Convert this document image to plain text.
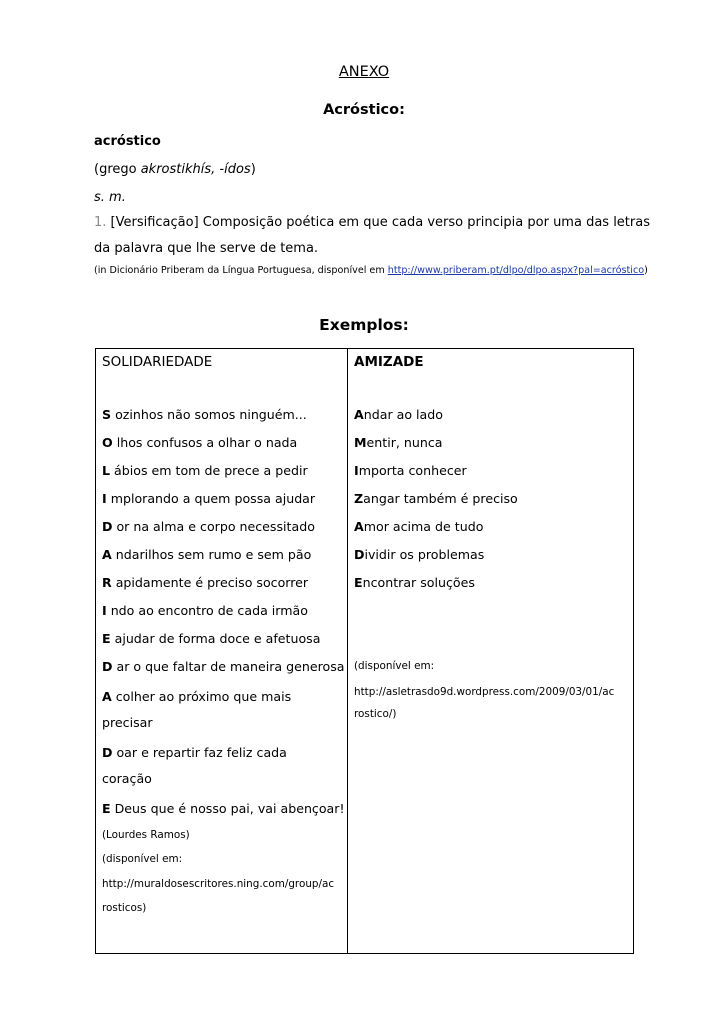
ANEXO
Acróstico:
acróstico
(grego akrostikhís, -ídos)
s. m.
1. [Versificação] Composição poética em que cada verso principia por uma das letras
da palavra que lhe serve de tema.
(in Dicionário Priberam da Língua Portuguesa, disponível em http://www.priberam.pt/dlpo/dlpo.aspx?pal=acróstico)
Exemplos:
SOLIDARIEDADE
S ozinhos não somos ninguém...
O lhos confusos a olhar o nada
L ábios em tom de prece a pedir
I mplorando a quem possa ajudar
D or na alma e corpo necessitado
A ndarilhos sem rumo e sem pão
R apidamente é preciso socorrer
I ndo ao encontro de cada irmão
E ajudar de forma doce e afetuosa
D ar o que faltar de maneira generosa
A colher ao próximo que mais
precisar
D oar e repartir faz feliz cada
coração
E Deus que é nosso pai, vai abençoar!
(Lourdes Ramos)
(disponível em:
http://muraldosescritores.ning.com/group/ac
rosticos)

AMIZADE
Andar ao lado
Mentir, nunca
Importa conhecer
Zangar também é preciso
Amor acima de tudo
Dividir os problemas
Encontrar soluções
(disponível em:
http://asletrasdo9d.wordpress.com/2009/03/01/ac
rostico/)
